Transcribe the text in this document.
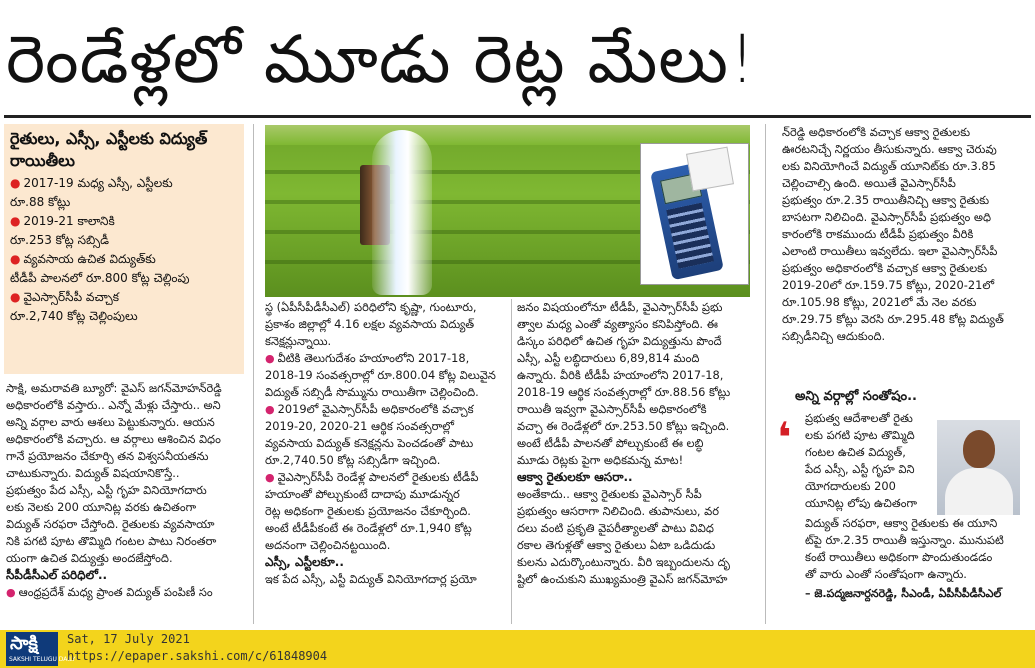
రెండేళ్లలో మూడు రెట్ల మేలు!
రైతులు, ఎస్సీ, ఎస్టీలకు విద్యుత్ రాయితీలు
● 2017-19 మధ్య ఎస్సీ, ఎస్టీలకు
రూ.88 కోట్లు
● 2019-21 కాలానికి
రూ.253 కోట్ల సబ్సిడీ
● వ్యవసాయ ఉచిత విద్యుత్‌కు
టీడీపీ పాలనలో రూ.800 కోట్ల చెల్లింపు
● వైఎస్సార్‌సీపీ వచ్చాక
రూ.2,740 కోట్ల చెల్లింపులు

సాక్షి, అమరావతి బ్యూరో: వైఎస్ జగన్‌మోహన్‌రెడ్డి

అధికారంలోకి వస్తారు.. ఎన్నో మేళ్లు చేస్తారు.. అని

అన్ని వర్గాల వారు ఆశలు పెట్టుకున్నారు. ఆయన

అధికారంలోకి వచ్చారు. ఆ వర్గాలు ఆశించిన విధం

గానే ప్రయోజనం చేకూర్చి తన విశ్వసనీయతను

చాటుకున్నారు. విద్యుత్ విషయానికొస్తే..

ప్రభుత్వం పేద ఎస్సీ, ఎస్టీ గృహ వినియోగదారు

లకు నెలకు 200 యూనిట్ల వరకు ఉచితంగా

విద్యుత్ సరఫరా చేస్తోంది. రైతులకు వ్యవసాయా

నికి పగటి పూట తొమ్మిది గంటల పాటు నిరంతరా

యంగా ఉచిత విద్యుత్తు అందజేస్తోంది.

సీపీడీసీఎల్ పరిధిలో..

● ఆంధ్రప్రదేశ్ మధ్య ప్రాంత విద్యుత్ పంపిణీ సం

స్థ (ఏపీసీపీడీసీఎల్) పరిధిలోని కృష్ణా, గుంటూరు,

ప్రకాశం జిల్లాల్లో 4.16 లక్షల వ్యవసాయ విద్యుత్

కనెక్షన్లున్నాయి.

● వీటికి తెలుగుదేశం హయాంలోని 2017-18,

2018-19 సంవత్సరాల్లో రూ.800.04 కోట్ల విలువైన

విద్యుత్ సబ్సిడీ సొమ్మును రాయితీగా చెల్లించింది.

● 2019లో వైఎస్సార్‌సీపీ అధికారంలోకి వచ్చాక

2019-20, 2020-21 ఆర్థిక సంవత్సరాల్లో

వ్యవసాయ విద్యుత్ కనెక్షన్లను పెంచడంతో పాటు

రూ.2,740.50 కోట్ల సబ్సిడీగా ఇచ్చింది.

● వైఎస్సార్‌సీపీ రెండేళ్ల పాలనలో రైతులకు టీడీపీ

హయాంతో పోల్చుకుంటే దాదాపు మూడున్నర

రెట్ల అధికంగా రైతులకు ప్రయోజనం చేకూర్చింది.

అంటే టీడీపీకంటే ఈ రెండేళ్లలో రూ.1,940 కోట్ల

అదనంగా చెల్లించినట్టయింది.

ఎస్సీ, ఎస్టీలకూ..

ఇక పేద ఎస్సీ, ఎస్టీ విద్యుత్ వినియోగదార్ల ప్రయో

జనం విషయంలోనూ టీడీపీ, వైఎస్సార్‌సీపీ ప్రభు

త్వాల మధ్య ఎంతో వ్యత్యాసం కనిపిస్తోంది. ఈ

డిస్కం పరిధిలో ఉచిత గృహ విద్యుత్తును పొందే

ఎస్సీ, ఎస్టీ లబ్ధిదారులు 6,89,814 మంది

ఉన్నారు. వీరికి టీడీపీ హయాంలోని 2017-18,

2018-19 ఆర్థిక సంవత్సరాల్లో రూ.88.56 కోట్లు

రాయితీ ఇవ్వగా వైఎస్సార్‌సీపీ అధికారంలోకి

వచ్చా ఈ రెండేళ్లలో రూ.253.50 కోట్లు ఇచ్చింది.

అంటే టీడీపీ పాలనతో పోల్చుకుంటే ఈ లబ్ధి

మూడు రెట్లకు పైగా అధికమన్న మాట!

ఆక్వా రైతులకూ ఆసరా..

అంతేకాదు.. ఆక్వా రైతులకు వైఎస్సార్ సీపీ

ప్రభుత్వం ఆసరాగా నిలిచింది. తుపానులు, వర

దలు వంటి ప్రకృతి వైపరీత్యాలతో పాటు వివిధ

రకాల తెగుళ్లతో ఆక్వా రైతులు ఏటా ఒడిదుడు

కులను ఎదుర్కొంటున్నారు. వీరి ఇబ్బందులను దృ

ష్టిలో ఉంచుకుని ముఖ్యమంత్రి వైఎస్ జగన్‌మోహ

న్‌రెడ్డి అధికారంలోకి వచ్చాక ఆక్వా రైతులకు

ఊరటనిచ్చే నిర్ణయం తీసుకున్నారు. ఆక్వా చెరువు

లకు వినియోగించే విద్యుత్ యూనిట్‌కు రూ.3.85

చెల్లించాల్సి ఉంది. అయితే వైఎస్సార్‌సీపీ

ప్రభుత్వం రూ.2.35 రాయితీనిచ్చి ఆక్వా రైతుకు

బాసటగా నిలిచింది. వైఎస్సార్‌సీపీ ప్రభుత్వం అధి

కారంలోకి రాకముందు టీడీపీ ప్రభుత్వం వీరికి

ఎలాంటి రాయితీలు ఇవ్వలేదు. ఇలా వైఎస్సార్‌సీపీ

ప్రభుత్వం అధికారంలోకి వచ్చాక ఆక్వా రైతులకు

2019-20లో రూ.159.75 కోట్లు, 2020-21లో

రూ.105.98 కోట్లు, 2021లో మే నెల వరకు

రూ.29.75 కోట్లు వెరసి రూ.295.48 కోట్ల విద్యుత్

సబ్సిడీనిచ్చి ఆదుకుంది.

అన్ని వర్గాల్లో సంతోషం..

❛ ప్రభుత్వ ఆదేశాలతో రైతు

లకు పగటి పూట తొమ్మిది

గంటల ఉచిత విద్యుత్,

పేద ఎస్సీ, ఎస్టీ గృహ విని

యోగదారులకు 200

యూనిట్ల లోపు ఉచితంగా

విద్యుత్ సరఫరా, ఆక్వా రైతులకు ఈ యూని

ట్‌పై రూ.2.35 రాయితీ ఇస్తున్నాం. మునుపటి

కంటే రాయితీలు అధికంగా పొందుతుండడం

తో వారు ఎంతో సంతోషంగా ఉన్నారు.

– జె.పద్మజనార్దనరెడ్డి, సీఎండీ, ఏపీసీపీడీసీఎల్

సాక్షి
SAKSHI TELUGU DAILY
Sat, 17 July 2021
https://epaper.sakshi.com/c/61848904
